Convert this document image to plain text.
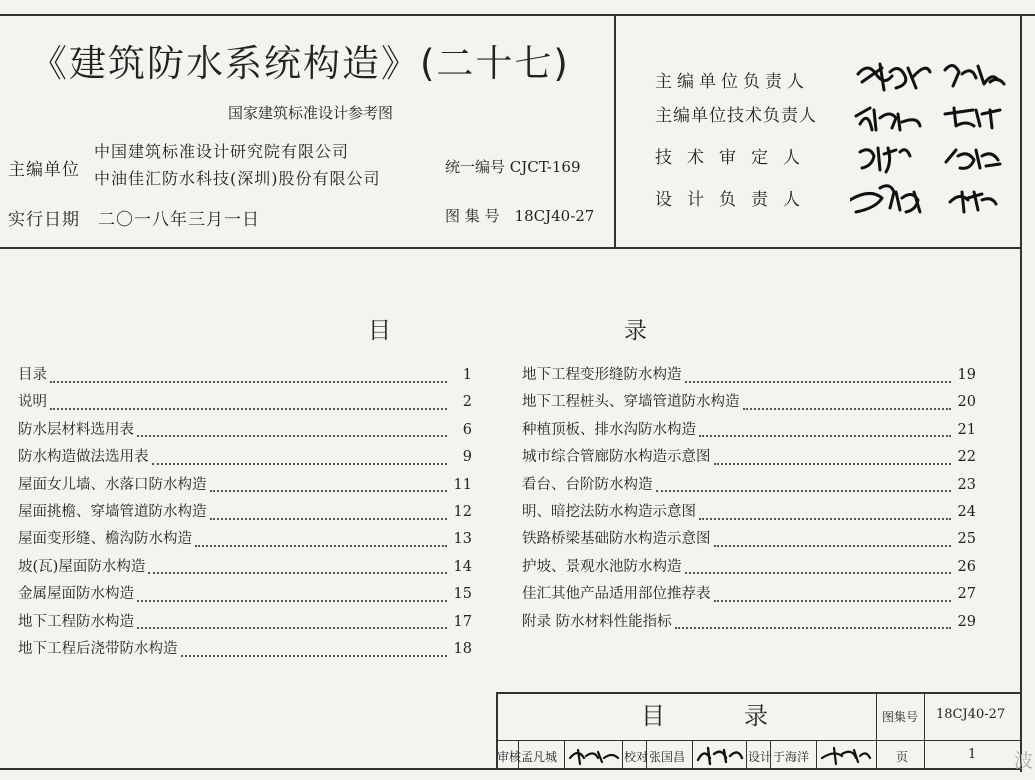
《建筑防水系统构造》(二十七)
国家建筑标准设计参考图
主编单位
中国建筑标准设计研究院有限公司
中油佳汇防水科技(深圳)股份有限公司
统一编号 CJCT-169
实行日期　二〇一八年三月一日	图 集 号　18CJ40-27
主编单位负责人
主编单位技术负责人
技术审定人
设计负责人
目	录
目录	1
说明	2
防水层材料选用表	6
防水构造做法选用表	9
屋面女儿墙、水落口防水构造	11
屋面挑檐、穿墙管道防水构造	12
屋面变形缝、檐沟防水构造	13
坡(瓦)屋面防水构造	14
金属屋面防水构造	15
地下工程防水构造	17
地下工程后浇带防水构造	18
地下工程变形缝防水构造	19
地下工程桩头、穿墙管道防水构造	20
种植顶板、排水沟防水构造	21
城市综合管廊防水构造示意图	22
看台、台阶防水构造	23
明、暗挖法防水构造示意图	24
铁路桥梁基础防水构造示意图	25
护坡、景观水池防水构造	26
佳汇其他产品适用部位推荐表	27
附录 防水材料性能指标	29
目	录	图集号 18CJ40-27
审核 孟凡城	校对 张国昌	设计 于海洋	页	1 波
